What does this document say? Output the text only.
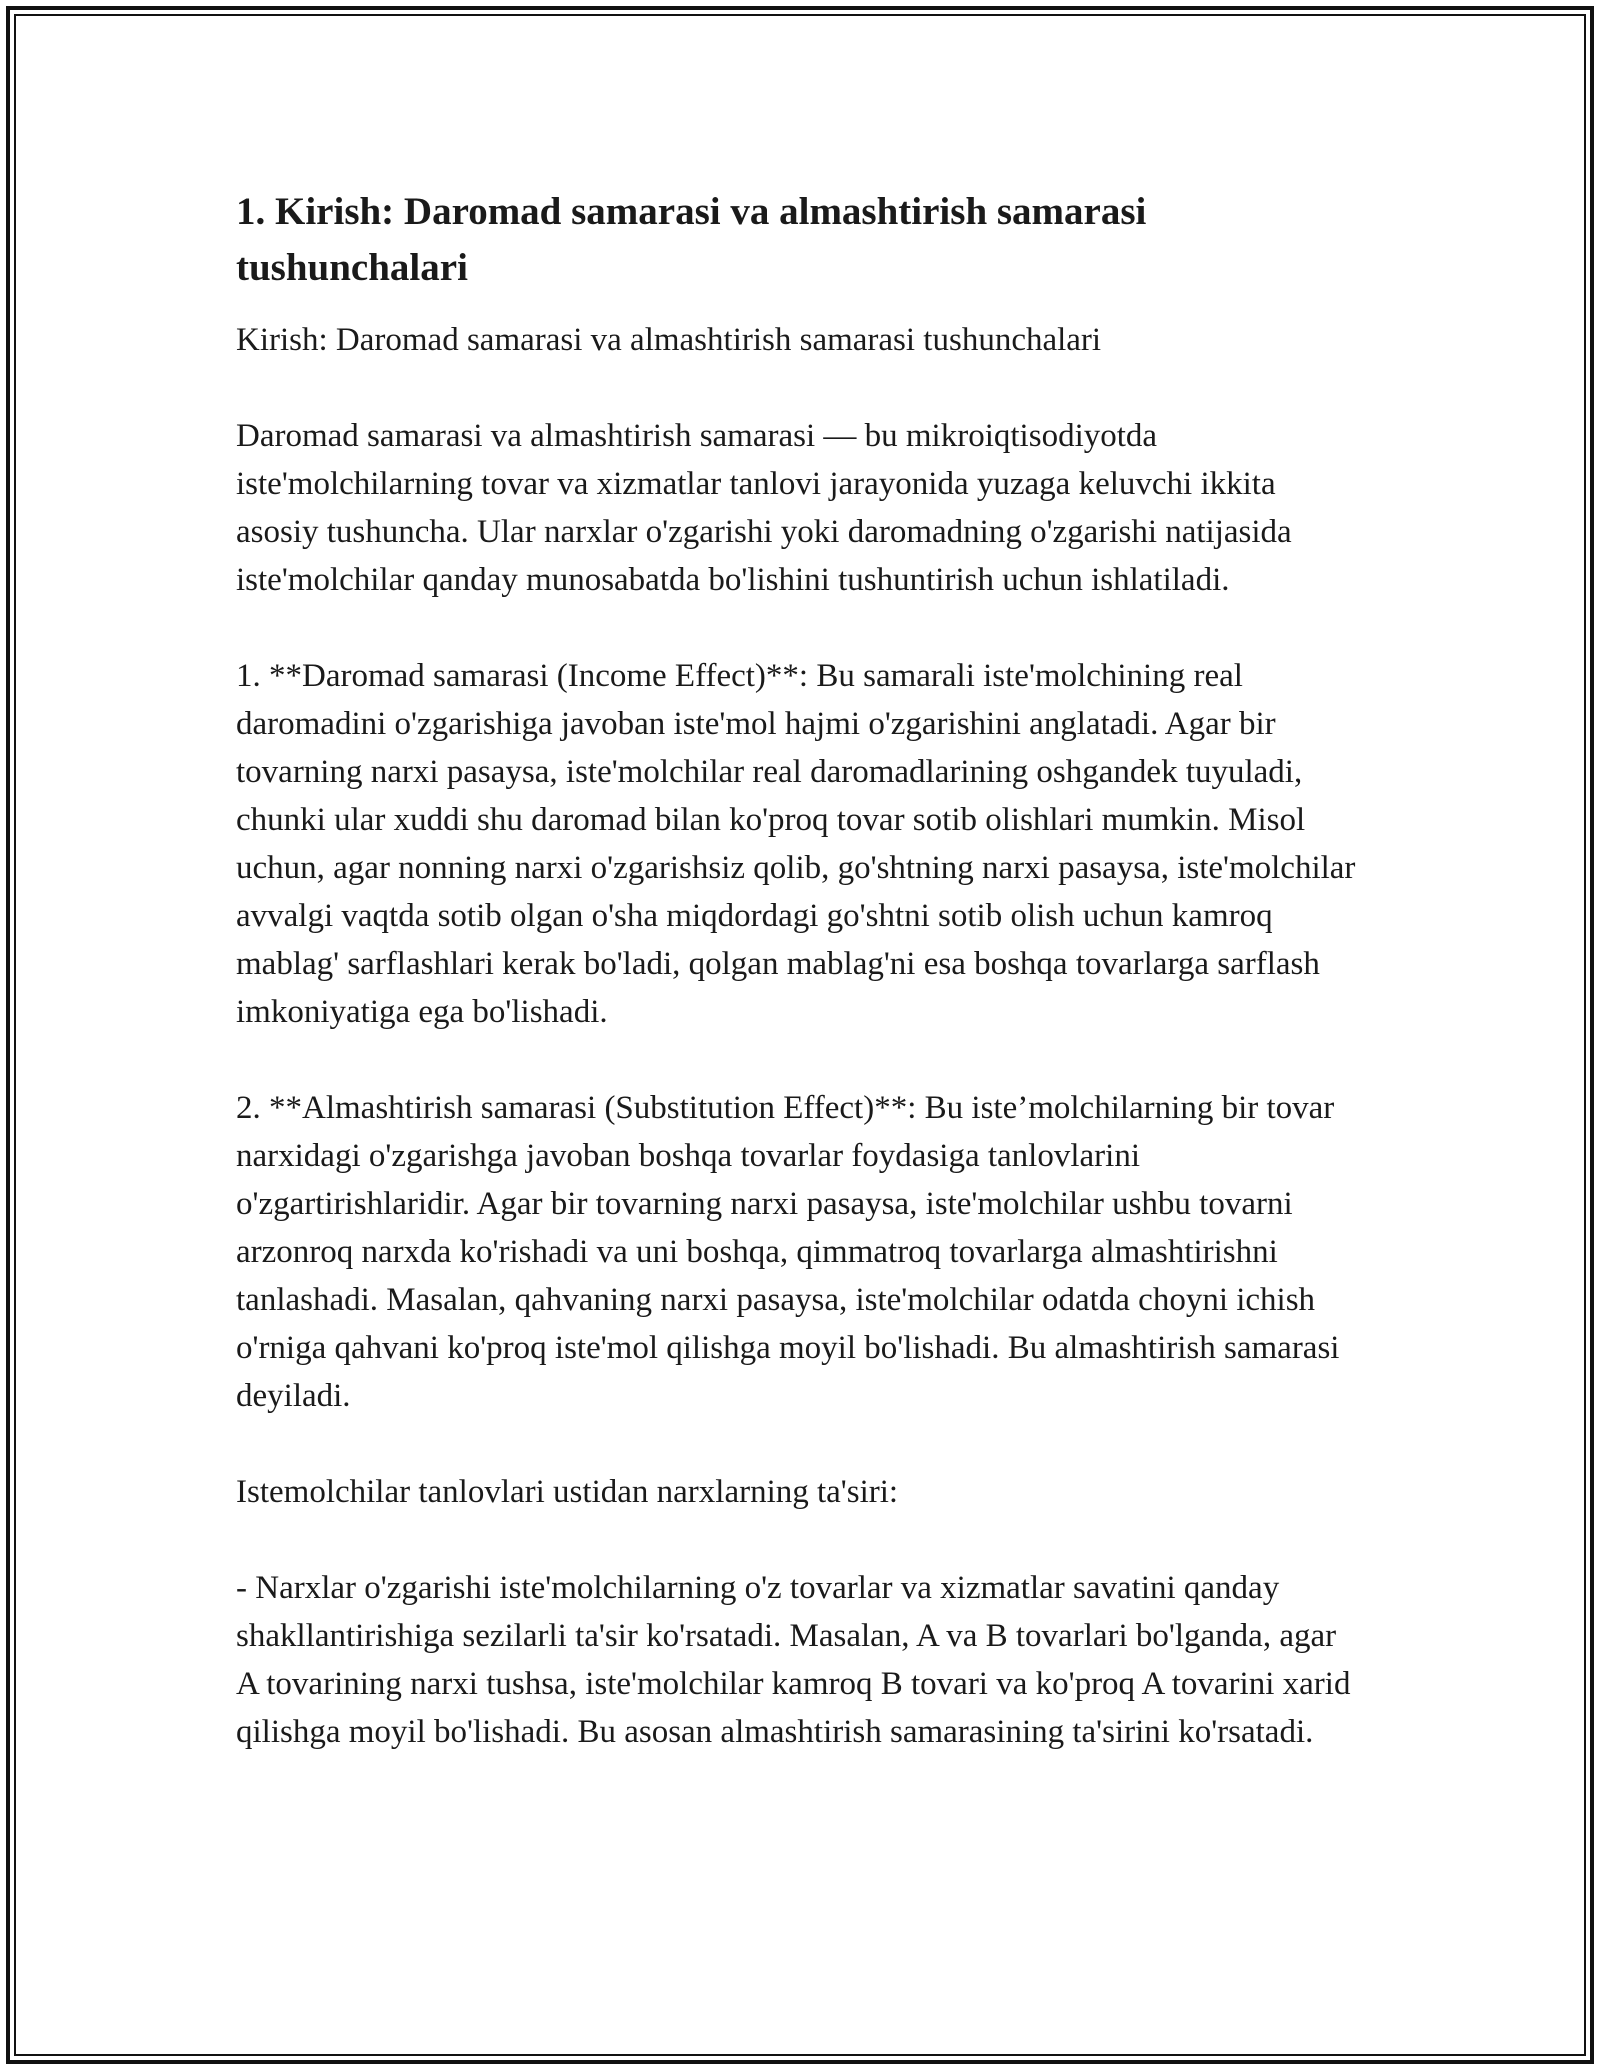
1. Kirish: Daromad samarasi va almashtirish samarasi tushunchalari

Kirish: Daromad samarasi va almashtirish samarasi tushunchalari

Daromad samarasi va almashtirish samarasi — bu mikroiqtisodiyotda iste'molchilarning tovar va xizmatlar tanlovi jarayonida yuzaga keluvchi ikkita asosiy tushuncha. Ular narxlar o'zgarishi yoki daromadning o'zgarishi natijasida iste'molchilar qanday munosabatda bo'lishini tushuntirish uchun ishlatiladi.

1. **Daromad samarasi (Income Effect)**: Bu samarali iste'molchining real daromadini o'zgarishiga javoban iste'mol hajmi o'zgarishini anglatadi. Agar bir tovarning narxi pasaysa, iste'molchilar real daromadlarining oshgandek tuyuladi, chunki ular xuddi shu daromad bilan ko'proq tovar sotib olishlari mumkin. Misol uchun, agar nonning narxi o'zgarishsiz qolib, go'shtning narxi pasaysa, iste'molchilar avvalgi vaqtda sotib olgan o'sha miqdordagi go'shtni sotib olish uchun kamroq mablag' sarflashlari kerak bo'ladi, qolgan mablag'ni esa boshqa tovarlarga sarflash imkoniyatiga ega bo'lishadi.

2. **Almashtirish samarasi (Substitution Effect)**: Bu iste’molchilarning bir tovar narxidagi o'zgarishga javoban boshqa tovarlar foydasiga tanlovlarini o'zgartirishlaridir. Agar bir tovarning narxi pasaysa, iste'molchilar ushbu tovarni arzonroq narxda ko'rishadi va uni boshqa, qimmatroq tovarlarga almashtirishni tanlashadi. Masalan, qahvaning narxi pasaysa, iste'molchilar odatda choyni ichish o'rniga qahvani ko'proq iste'mol qilishga moyil bo'lishadi. Bu almashtirish samarasi deyiladi.

Istemolchilar tanlovlari ustidan narxlarning ta'siri:

- Narxlar o'zgarishi iste'molchilarning o'z tovarlar va xizmatlar savatini qanday shakllantirishiga sezilarli ta'sir ko'rsatadi. Masalan, A va B tovarlari bo'lganda, agar A tovarining narxi tushsa, iste'molchilar kamroq B tovari va ko'proq A tovarini xarid qilishga moyil bo'lishadi. Bu asosan almashtirish samarasining ta'sirini ko'rsatadi.
